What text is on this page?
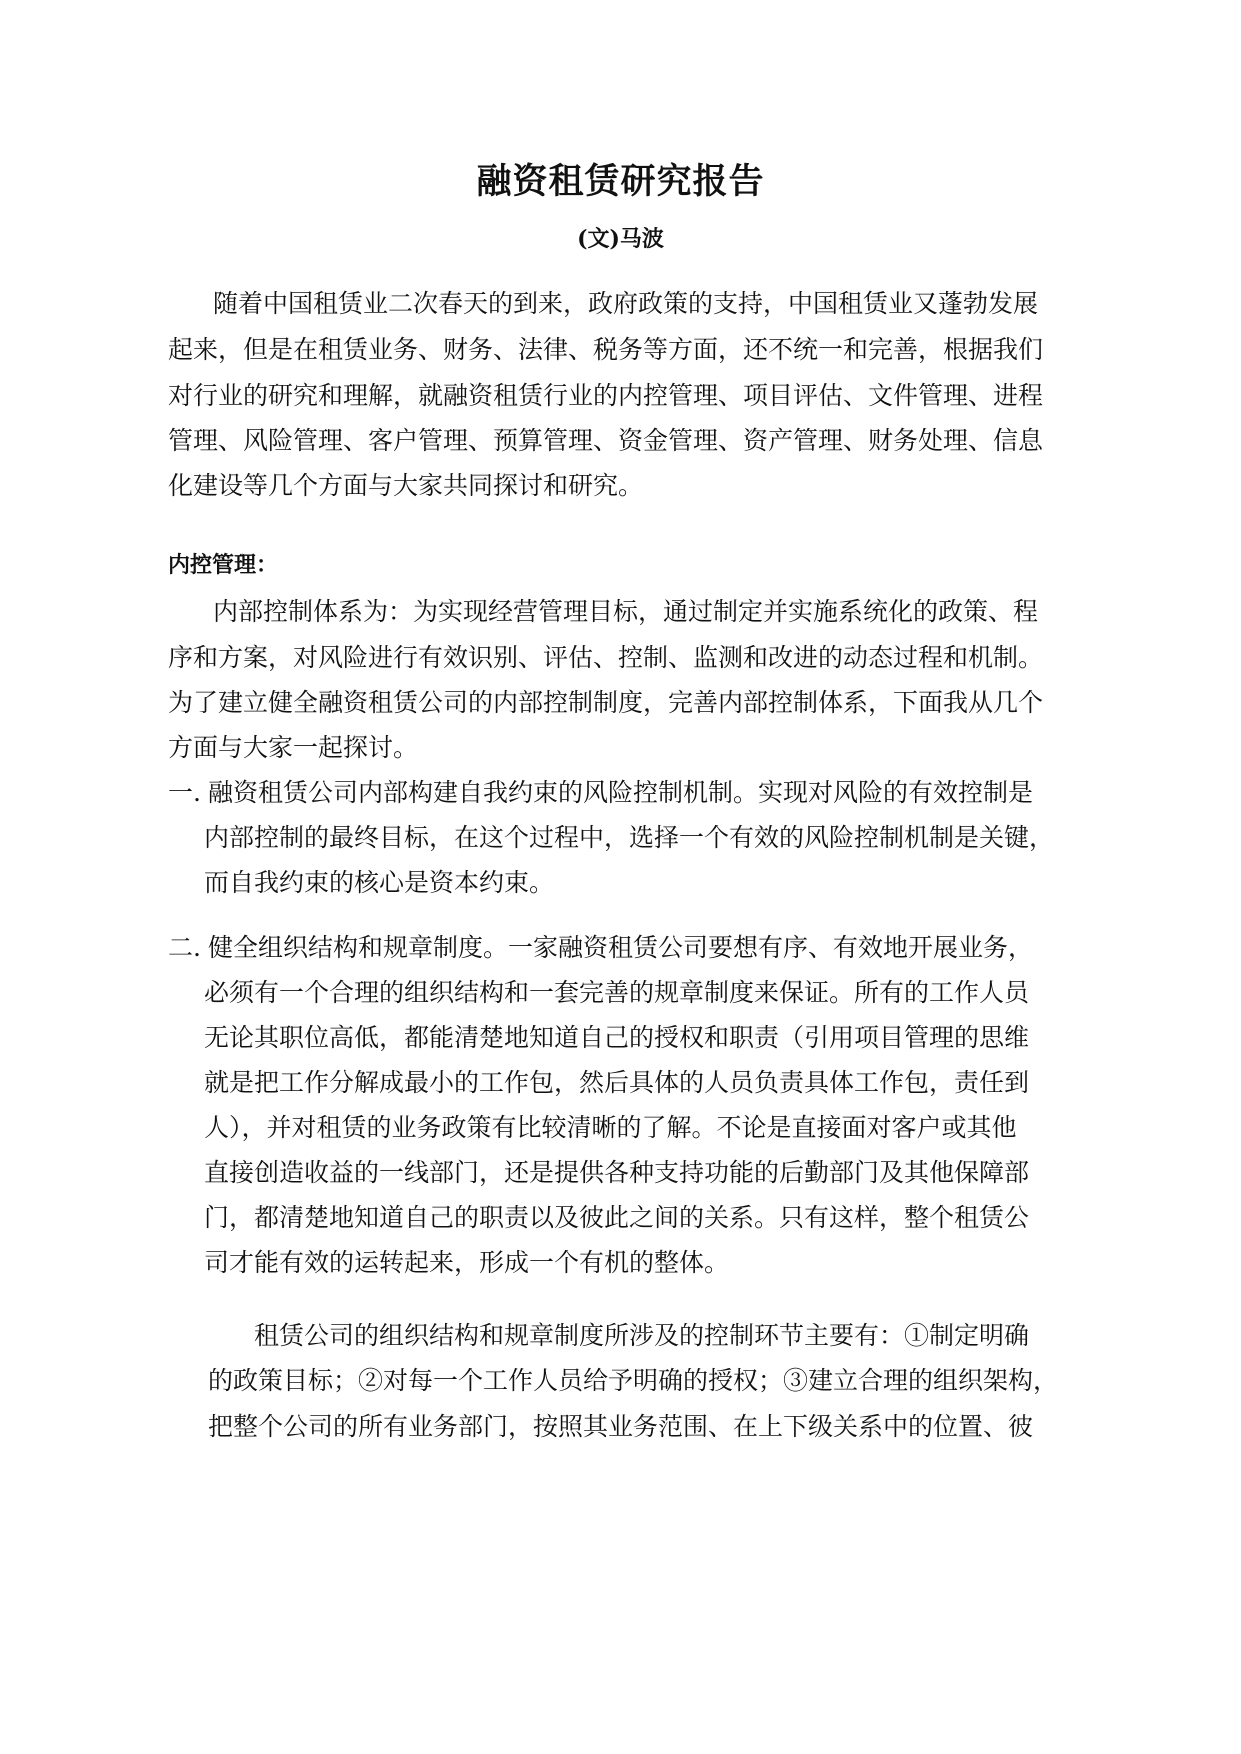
融资租赁研究报告
(文)马波
随着中国租赁业二次春天的到来，政府政策的支持，中国租赁业又蓬勃发展
起来，但是在租赁业务、财务、法律、税务等方面，还不统一和完善，根据我们
对行业的研究和理解，就融资租赁行业的内控管理、项目评估、文件管理、进程
管理、风险管理、客户管理、预算管理、资金管理、资产管理、财务处理、信息
化建设等几个方面与大家共同探讨和研究。
内控管理：
内部控制体系为：为实现经营管理目标，通过制定并实施系统化的政策、程
序和方案，对风险进行有效识别、评估、控制、监测和改进的动态过程和机制。
为了建立健全融资租赁公司的内部控制制度，完善内部控制体系，下面我从几个
方面与大家一起探讨。
一. 融资租赁公司内部构建自我约束的风险控制机制。实现对风险的有效控制是
内部控制的最终目标，在这个过程中，选择一个有效的风险控制机制是关键，
而自我约束的核心是资本约束。
二. 健全组织结构和规章制度。一家融资租赁公司要想有序、有效地开展业务，
必须有一个合理的组织结构和一套完善的规章制度来保证。所有的工作人员
无论其职位高低，都能清楚地知道自己的授权和职责（引用项目管理的思维
就是把工作分解成最小的工作包，然后具体的人员负责具体工作包，责任到
人），并对租赁的业务政策有比较清晰的了解。不论是直接面对客户或其他
直接创造收益的一线部门，还是提供各种支持功能的后勤部门及其他保障部
门，都清楚地知道自己的职责以及彼此之间的关系。只有这样，整个租赁公
司才能有效的运转起来，形成一个有机的整体。
租赁公司的组织结构和规章制度所涉及的控制环节主要有：①制定明确
的政策目标；②对每一个工作人员给予明确的授权；③建立合理的组织架构，
把整个公司的所有业务部门，按照其业务范围、在上下级关系中的位置、彼
